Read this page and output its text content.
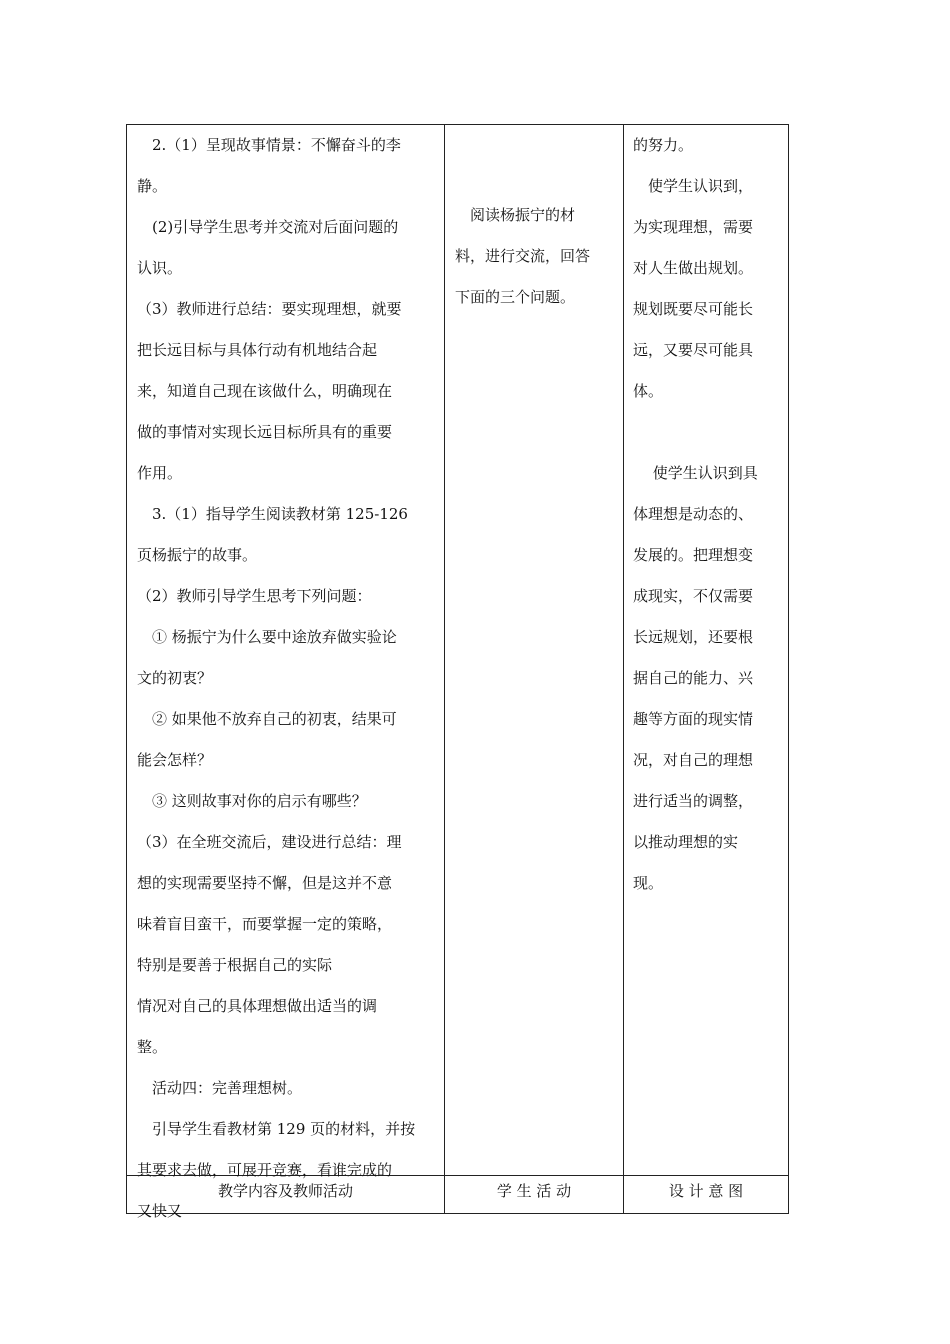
　2.（1）呈现故事情景：不懈奋斗的李

静。

　(2)引导学生思考并交流对后面问题的

认识。

（3）教师进行总结：要实现理想，就要

把长远目标与具体行动有机地结合起

来，知道自己现在该做什么，明确现在

做的事情对实现长远目标所具有的重要

作用。

　3.（1）指导学生阅读教材第 125-126

页杨振宁的故事。

（2）教师引导学生思考下列问题：

　① 杨振宁为什么要中途放弃做实验论

文的初衷？

　② 如果他不放弃自己的初衷，结果可

能会怎样？

　③ 这则故事对你的启示有哪些？

（3）在全班交流后，建设进行总结：理

想的实现需要坚持不懈，但是这并不意

味着盲目蛮干，而要掌握一定的策略，

特别是要善于根据自己的实际

情况对自己的具体理想做出适当的调

整。

　活动四：完善理想树。

　引导学生看教材第 129 页的材料，并按

其要求去做，可展开竞赛，看谁完成的

又快又

　阅读杨振宁的材

料，进行交流，回答

下面的三个问题。

的努力。

　使学生认识到，

为实现理想，需要

对人生做出规划。

规划既要尽可能长

远，又要尽可能具

体。

　 使学生认识到具

体理想是动态的、

发展的。把理想变

成现实，不仅需要

长远规划，还要根

据自己的能力、兴

趣等方面的现实情

况，对自己的理想

进行适当的调整，

以推动理想的实

现。

教学内容及教师活动	学 生 活 动	设 计 意 图
